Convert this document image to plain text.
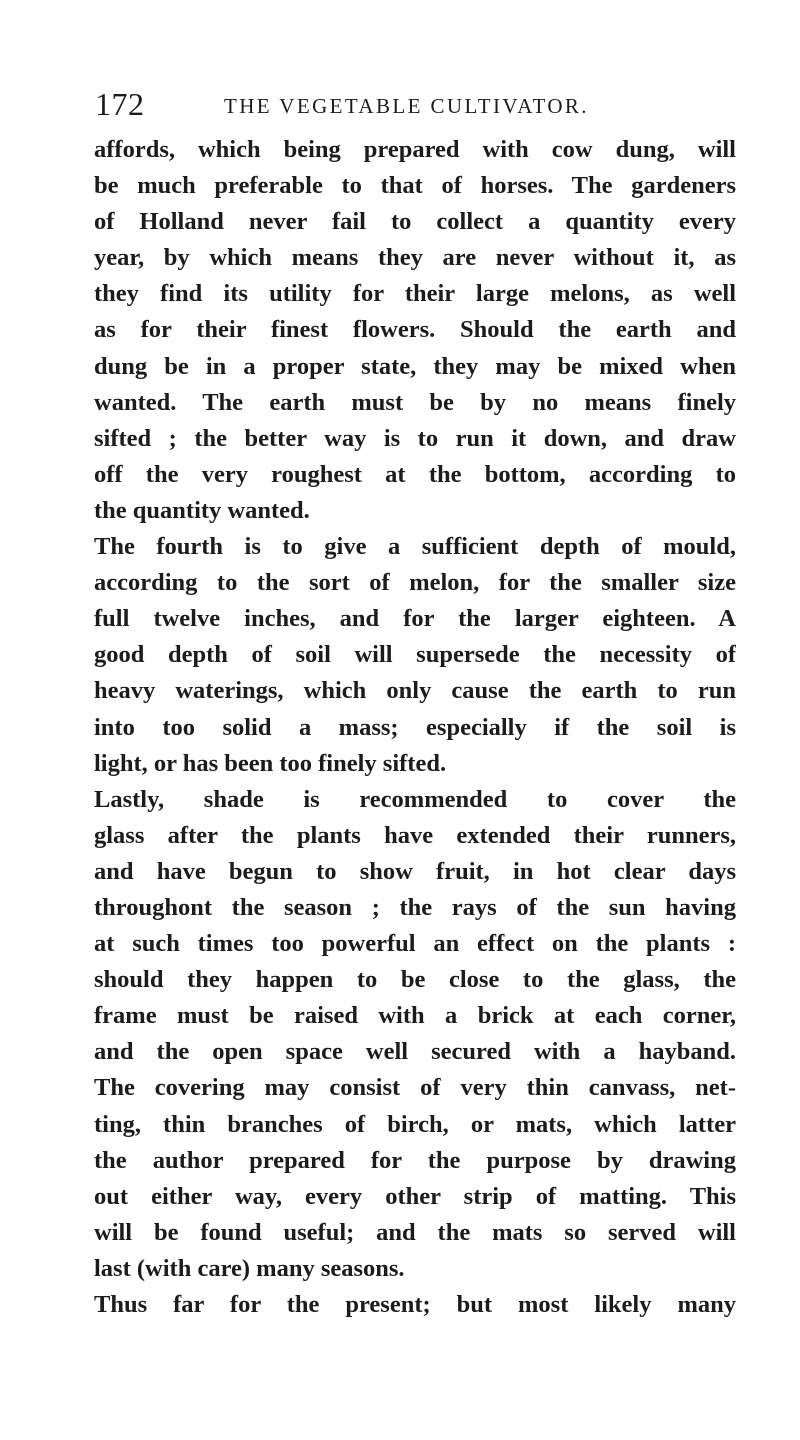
172	THE VEGETABLE CULTIVATOR.
affords, which being prepared with cow dung, will
be much preferable to that of horses. The gardeners
of Holland never fail to collect a quantity every
year, by which means they are never without it, as
they find its utility for their large melons, as well
as for their finest flowers. Should the earth and
dung be in a proper state, they may be mixed when
wanted. The earth must be by no means finely
sifted ; the better way is to run it down, and draw
off the very roughest at the bottom, according to
the quantity wanted.
The fourth is to give a sufficient depth of mould,
according to the sort of melon, for the smaller size
full twelve inches, and for the larger eighteen. A
good depth of soil will supersede the necessity of
heavy waterings, which only cause the earth to run
into too solid a mass; especially if the soil is
light, or has been too finely sifted.
Lastly, shade is recommended to cover the
glass after the plants have extended their runners,
and have begun to show fruit, in hot clear days
throughont the season ; the rays of the sun having
at such times too powerful an effect on the plants :
should they happen to be close to the glass, the
frame must be raised with a brick at each corner,
and the open space well secured with a hayband.
The covering may consist of very thin canvass, net-
ting, thin branches of birch, or mats, which latter
the author prepared for the purpose by drawing
out either way, every other strip of matting. This
will be found useful; and the mats so served will
last (with care) many seasons.
Thus far for the present; but most likely many
